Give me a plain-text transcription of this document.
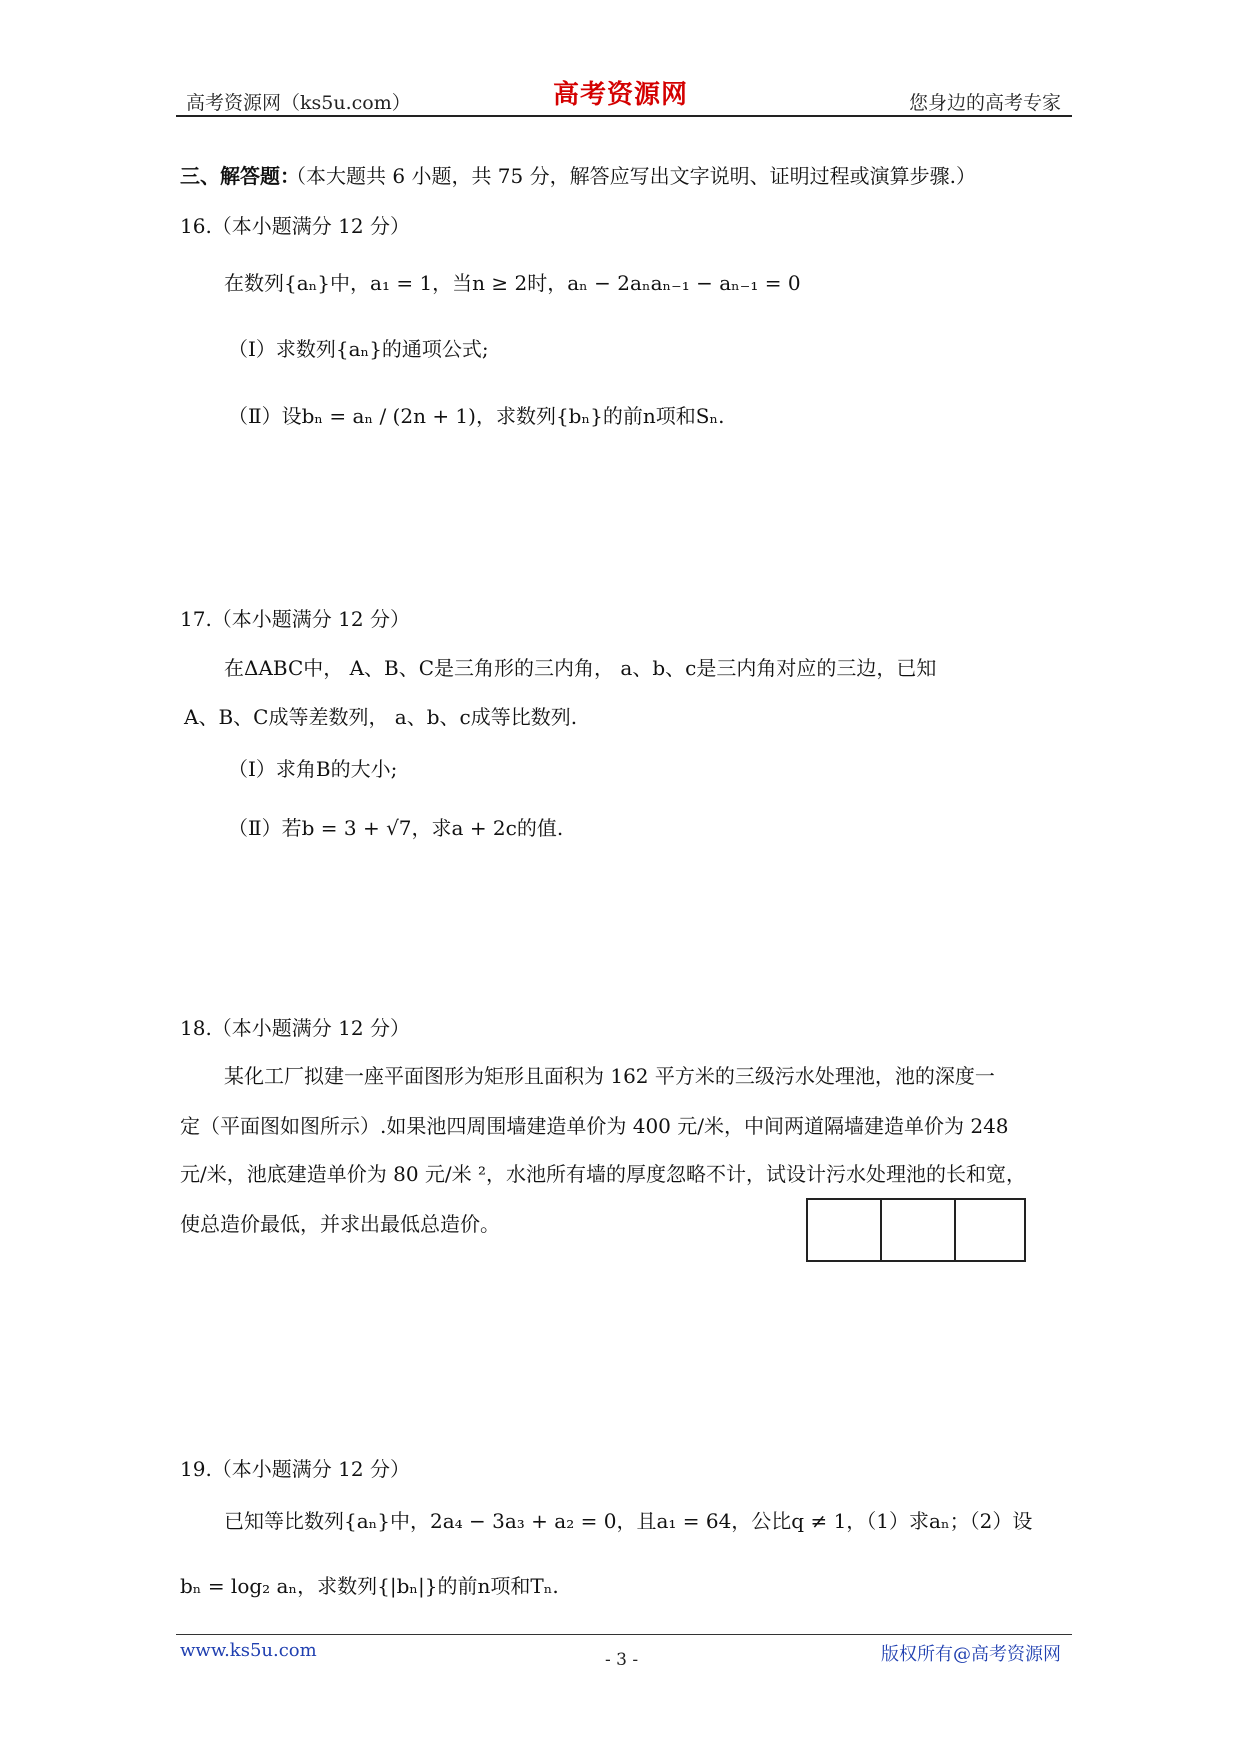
高考资源网（ks5u.com）	高考资源网	您身边的高考专家
三、解答题：
（本大题共 6 小题，共 75 分，解答应写出文字说明、证明过程或演算步骤.）
16.（本小题满分 12 分）
在数列{aₙ}中，a₁ = 1，当n ≥ 2时，aₙ − 2aₙaₙ₋₁ − aₙ₋₁ = 0
（Ⅰ）求数列{aₙ}的通项公式;
（Ⅱ）设bₙ = aₙ / (2n + 1)，求数列{bₙ}的前n项和Sₙ.
17.（本小题满分 12 分）
在ΔABC中， A、B、C是三角形的三内角， a、b、c是三内角对应的三边，已知
A、B、C成等差数列， a、b、c成等比数列.
（Ⅰ）求角B的大小;
（Ⅱ）若b = 3 + √7，求a + 2c的值.
18.（本小题满分 12 分）
某化工厂拟建一座平面图形为矩形且面积为 162 平方米的三级污水处理池，池的深度一
定（平面图如图所示）.如果池四周围墙建造单价为 400 元/米，中间两道隔墙建造单价为 248
元/米，池底建造单价为 80 元/米 ²，水池所有墙的厚度忽略不计，试设计污水处理池的长和宽，
使总造价最低，并求出最低总造价。
19.（本小题满分 12 分）
已知等比数列{aₙ}中，2a₄ − 3a₃ + a₂ = 0，且a₁ = 64，公比q ≠ 1，（1）求aₙ；（2）设
bₙ = log₂ aₙ，求数列{|bₙ|}的前n项和Tₙ.
www.ks5u.com	- 3 -	版权所有@高考资源网
